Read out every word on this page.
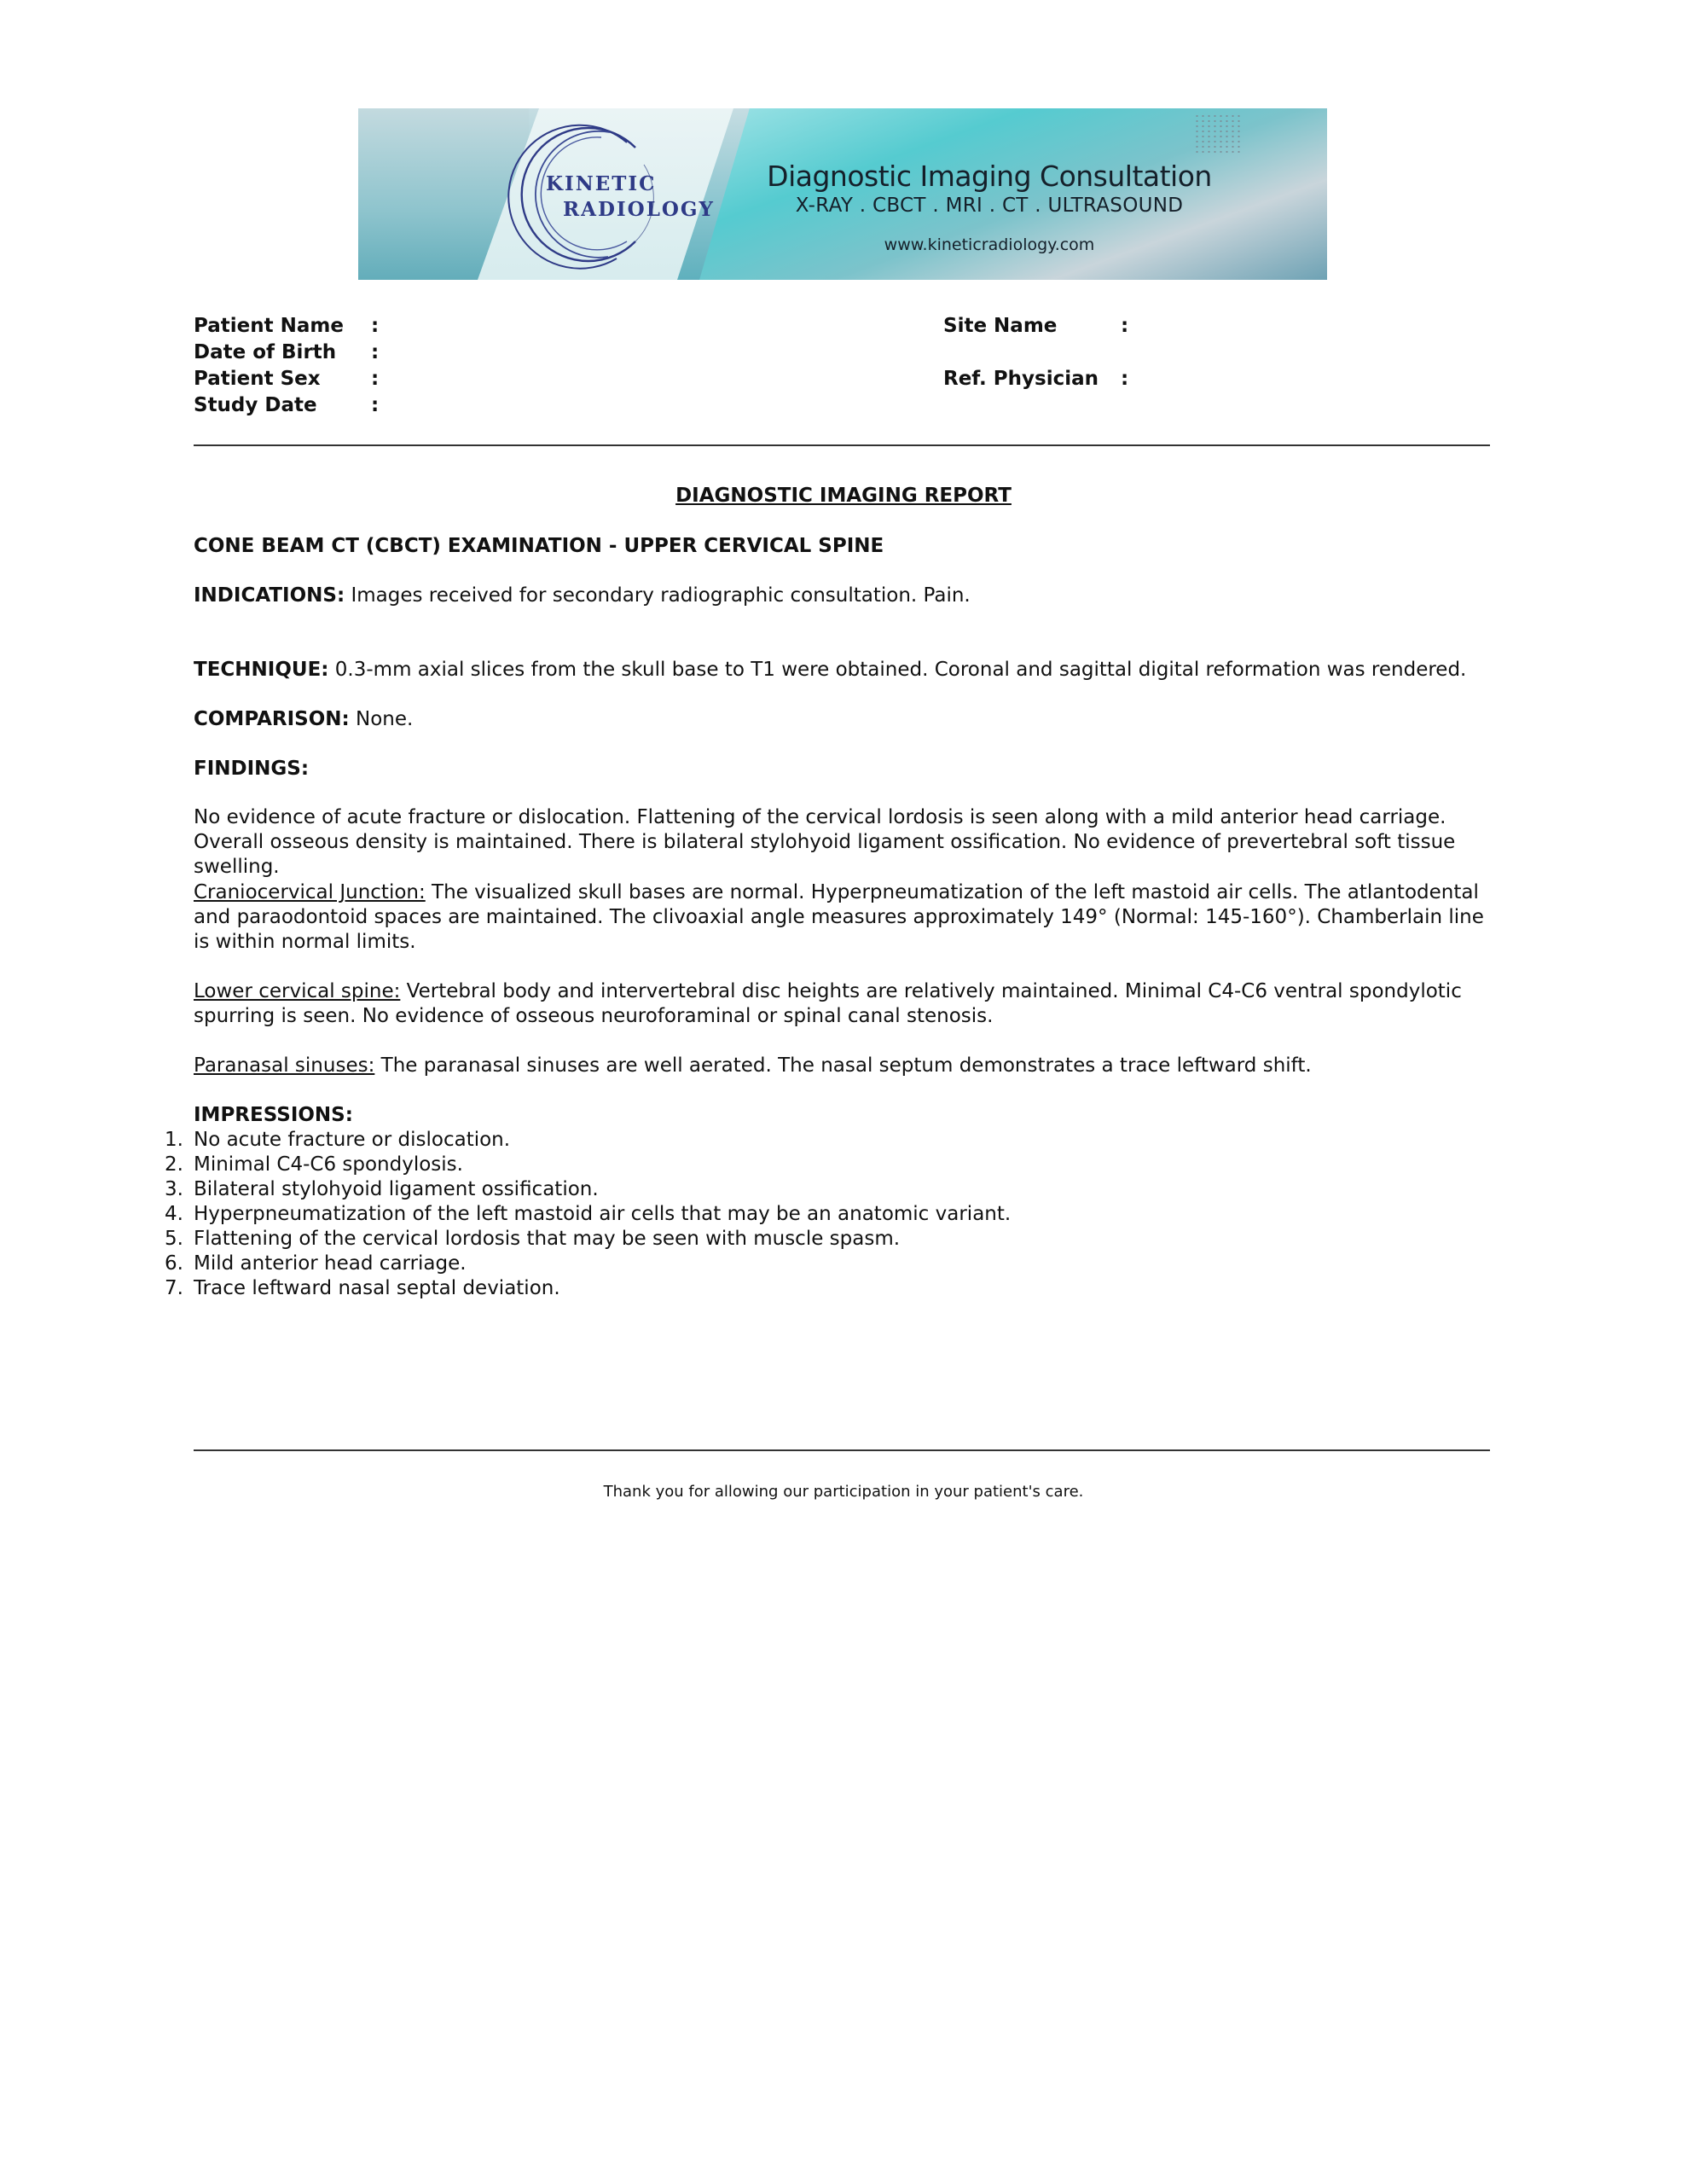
KINETIC
RADIOLOGY
Diagnostic Imaging Consultation
X-RAY . CBCT . MRI . CT . ULTRASOUND
www.kineticradiology.com
Patient Name :
Date of Birth :
Patient Sex	:
Study Date	:
Site Name	:
Ref. Physician :
DIAGNOSTIC IMAGING REPORT
CONE BEAM CT (CBCT) EXAMINATION - UPPER CERVICAL SPINE
INDICATIONS: Images received for secondary radiographic consultation. Pain.
TECHNIQUE: 0.3-mm axial slices from the skull base to T1 were obtained. Coronal and sagittal digital reformation was rendered.
COMPARISON: None.
FINDINGS:
No evidence of acute fracture or dislocation. Flattening of the cervical lordosis is seen along with a mild anterior head carriage. Overall osseous density is maintained. There is bilateral stylohyoid ligament ossification. No evidence of prevertebral soft tissue swelling.
Craniocervical Junction: The visualized skull bases are normal. Hyperpneumatization of the left mastoid air cells. The atlantodental and paraodontoid spaces are maintained. The clivoaxial angle measures approximately 149° (Normal: 145-160°). Chamberlain line is within normal limits.
Lower cervical spine: Vertebral body and intervertebral disc heights are relatively maintained. Minimal C4-C6 ventral spondylotic spurring is seen. No evidence of osseous neuroforaminal or spinal canal stenosis.
Paranasal sinuses: The paranasal sinuses are well aerated. The nasal septum demonstrates a trace leftward shift.
IMPRESSIONS:
1. No acute fracture or dislocation.
2. Minimal C4-C6 spondylosis.
3. Bilateral stylohyoid ligament ossification.
4. Hyperpneumatization of the left mastoid air cells that may be an anatomic variant.
5. Flattening of the cervical lordosis that may be seen with muscle spasm.
6. Mild anterior head carriage.
7. Trace leftward nasal septal deviation.
Thank you for allowing our participation in your patient's care.
